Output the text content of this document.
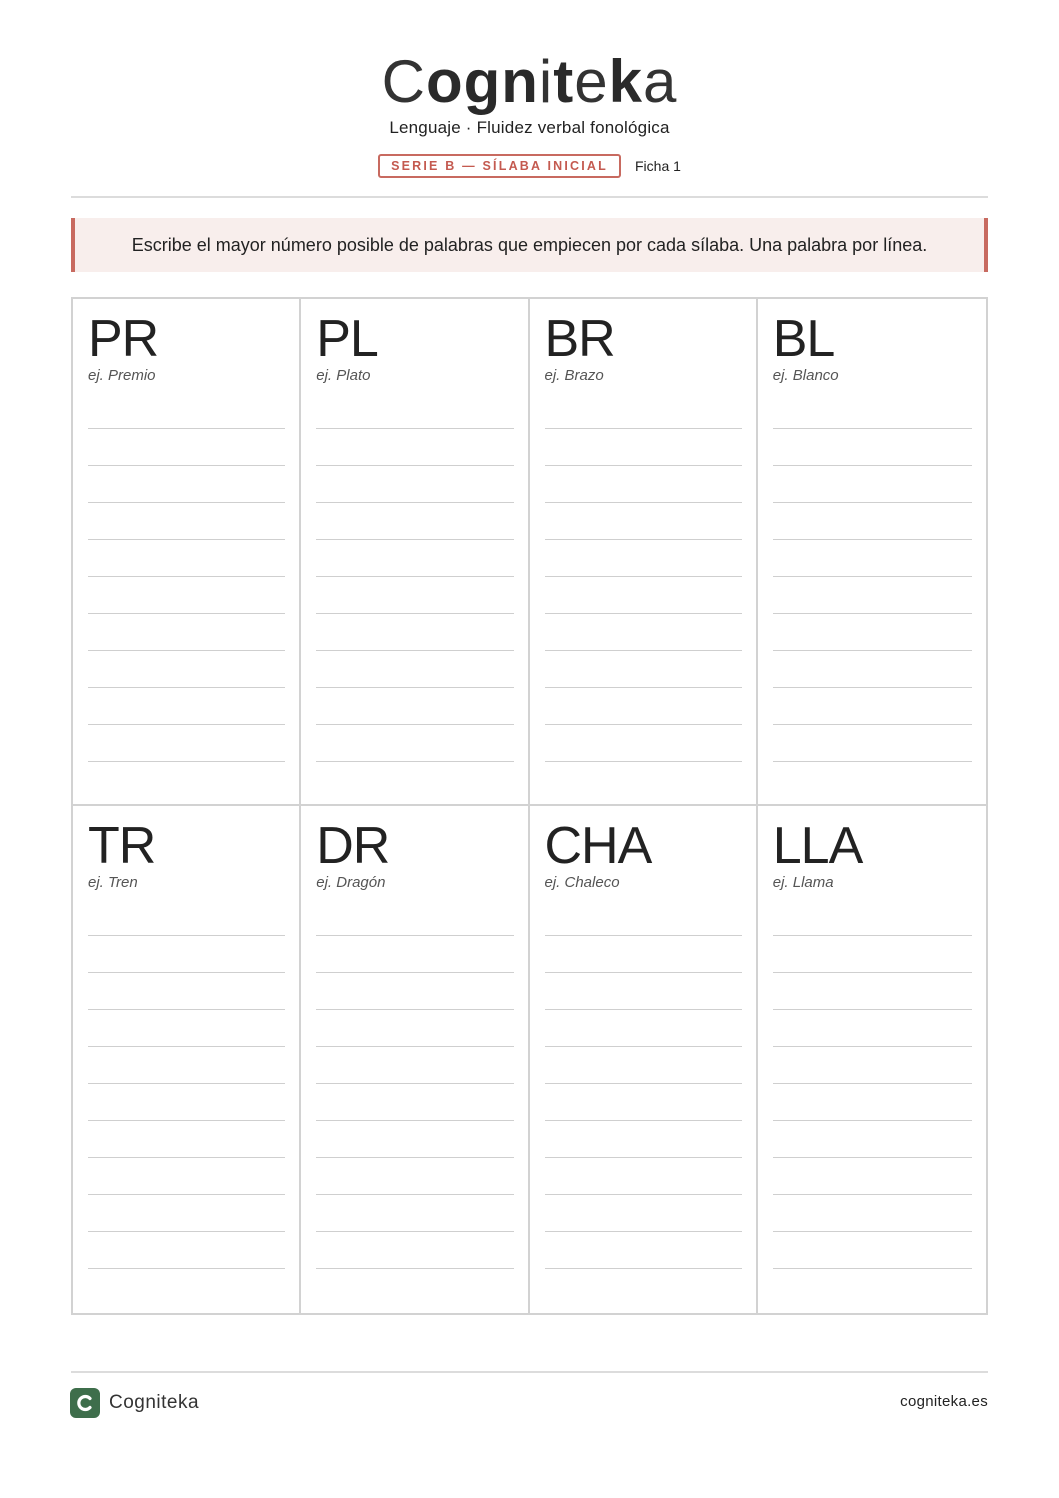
C og n i t e k a
Lenguaje · Fluidez verbal fonológica
SERIE B — SÍLABA INICIAL	Ficha 1
Escribe el mayor número posible de palabras que empiecen por cada sílaba. Una palabra por línea.
PR
ej. Premio
PL
ej. Plato
BR
ej. Brazo
BL
ej. Blanco
TR
ej. Tren
DR
ej. Dragón
CHA
ej. Chaleco
LLA
ej. Llama
Cogniteka	cogniteka.es
